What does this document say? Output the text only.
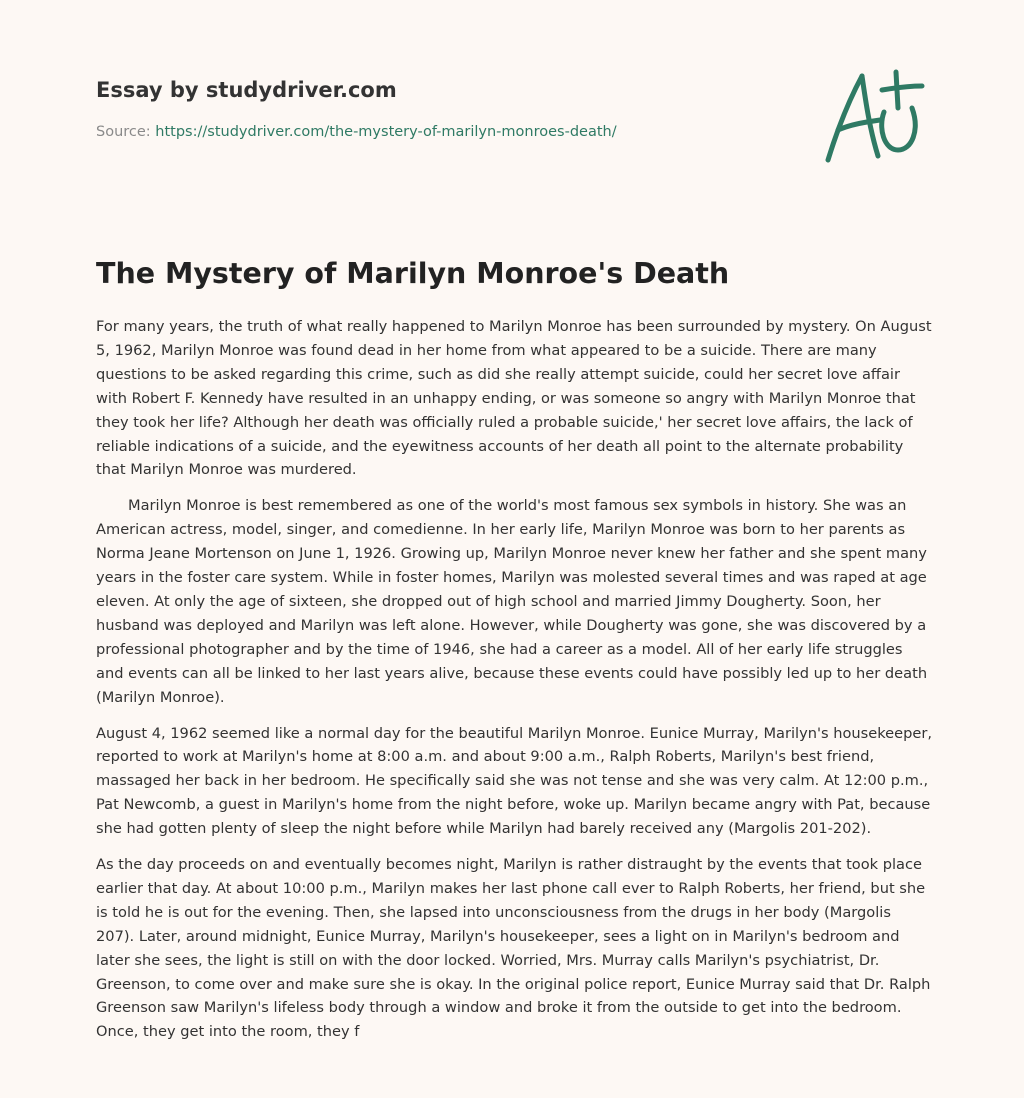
Essay by studydriver.com
Source: https://studydriver.com/the-mystery-of-marilyn-monroes-death/
The Mystery of Marilyn Monroe's Death

For many years, the truth of what really happened to Marilyn Monroe has been surrounded by mystery. On August 5, 1962, Marilyn Monroe was found dead in her home from what appeared to be a suicide. There are many questions to be asked regarding this crime, such as did she really attempt suicide, could her secret love affair with Robert F. Kennedy have resulted in an unhappy ending, or was someone so angry with Marilyn Monroe that they took her life? Although her death was officially ruled a probable suicide,' her secret love affairs, the lack of reliable indications of a suicide, and the eyewitness accounts of her death all point to the alternate probability that Marilyn Monroe was murdered.

Marilyn Monroe is best remembered as one of the world's most famous sex symbols in history. She was an American actress, model, singer, and comedienne. In her early life, Marilyn Monroe was born to her parents as Norma Jeane Mortenson on June 1, 1926. Growing up, Marilyn Monroe never knew her father and she spent many years in the foster care system. While in foster homes, Marilyn was molested several times and was raped at age eleven. At only the age of sixteen, she dropped out of high school and married Jimmy Dougherty. Soon, her husband was deployed and Marilyn was left alone. However, while Dougherty was gone, she was discovered by a professional photographer and by the time of 1946, she had a career as a model. All of her early life struggles and events can all be linked to her last years alive, because these events could have possibly led up to her death (Marilyn Monroe).

August 4, 1962 seemed like a normal day for the beautiful Marilyn Monroe. Eunice Murray, Marilyn's housekeeper, reported to work at Marilyn's home at 8:00 a.m. and about 9:00 a.m., Ralph Roberts, Marilyn's best friend, massaged her back in her bedroom. He specifically said she was not tense and she was very calm. At 12:00 p.m., Pat Newcomb, a guest in Marilyn's home from the night before, woke up. Marilyn became angry with Pat, because she had gotten plenty of sleep the night before while Marilyn had barely received any (Margolis 201-202).

As the day proceeds on and eventually becomes night, Marilyn is rather distraught by the events that took place earlier that day. At about 10:00 p.m., Marilyn makes her last phone call ever to Ralph Roberts, her friend, but she is told he is out for the evening. Then, she lapsed into unconsciousness from the drugs in her body (Margolis 207). Later, around midnight, Eunice Murray, Marilyn's housekeeper, sees a light on in Marilyn's bedroom and later she sees, the light is still on with the door locked. Worried, Mrs. Murray calls Marilyn's psychiatrist, Dr. Greenson, to come over and make sure she is okay. In the original police report, Eunice Murray said that Dr. Ralph Greenson saw Marilyn's lifeless body through a window and broke it from the outside to get into the bedroom. Once, they get into the room, they f
